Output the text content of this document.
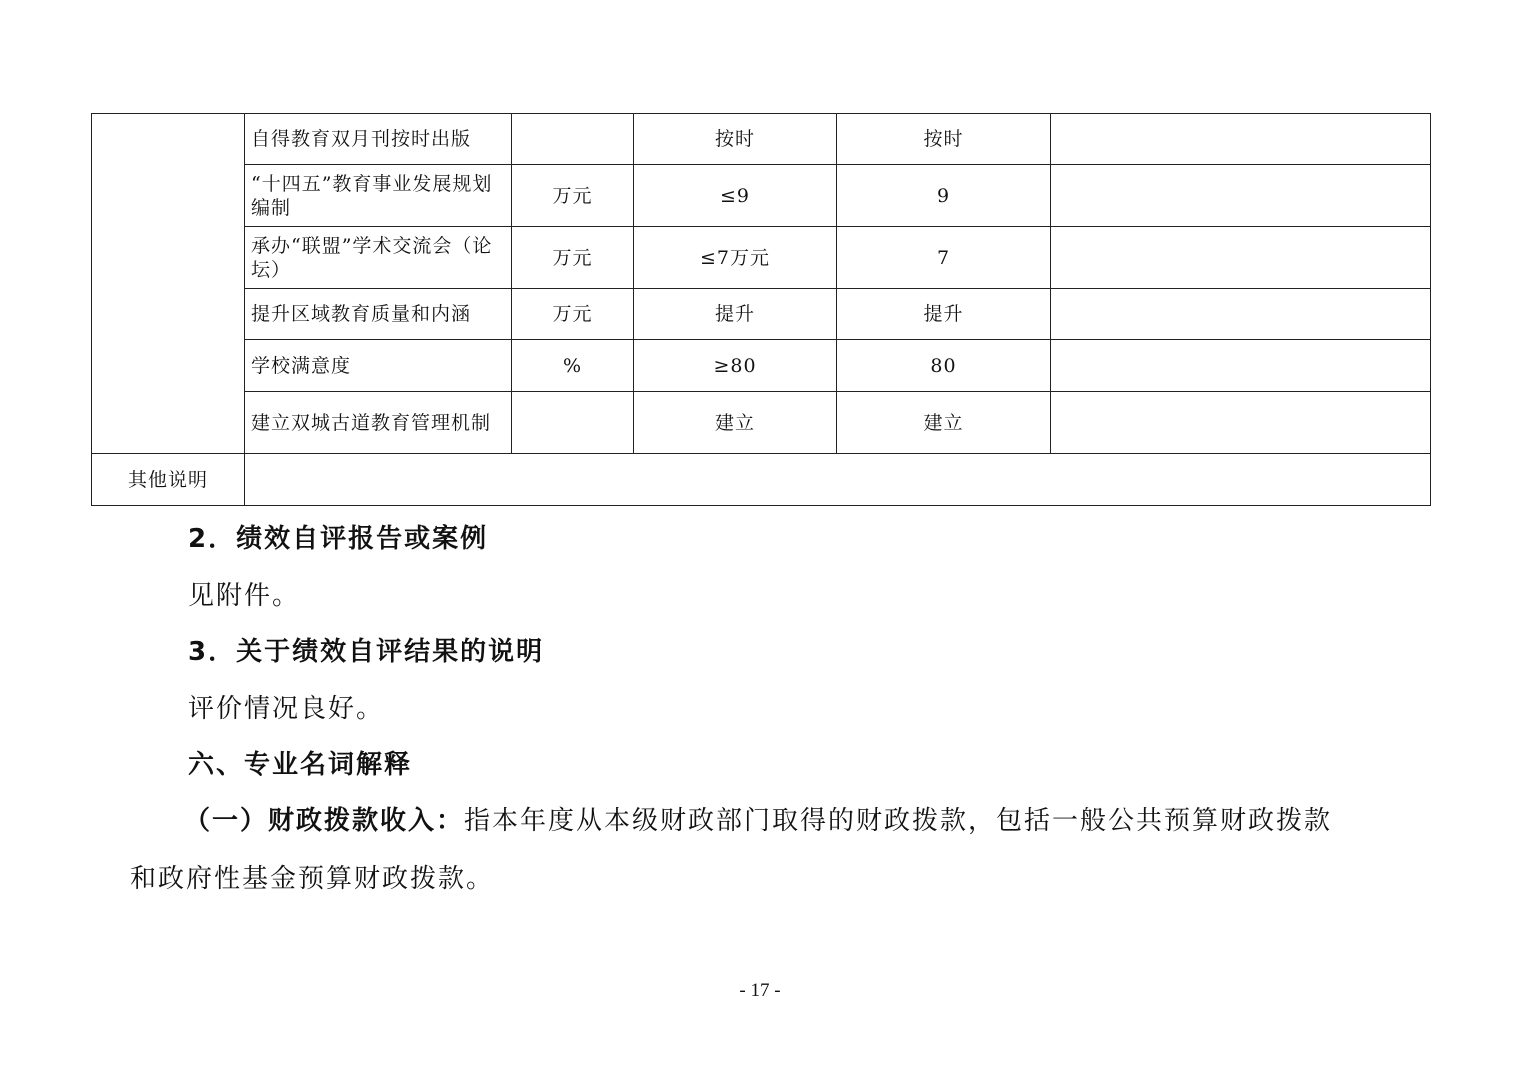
	自得教育双月刊按时出版		按时	按时	
	“十四五”教育事业发展规划编制	万元	≤9	9	
	承办“联盟”学术交流会（论坛）	万元	≤7万元	7	
	提升区域教育质量和内涵	万元	提升	提升	
	学校满意度	%	≥80	80	
	建立双城古道教育管理机制		建立	建立	
其他说明					
2．绩效自评报告或案例
见附件。
3．关于绩效自评结果的说明
评价情况良好。
六、专业名词解释
（一）财政拨款收入：指本年度从本级财政部门取得的财政拨款，包括一般公共预算财政拨款
和政府性基金预算财政拨款。
- 17 -
